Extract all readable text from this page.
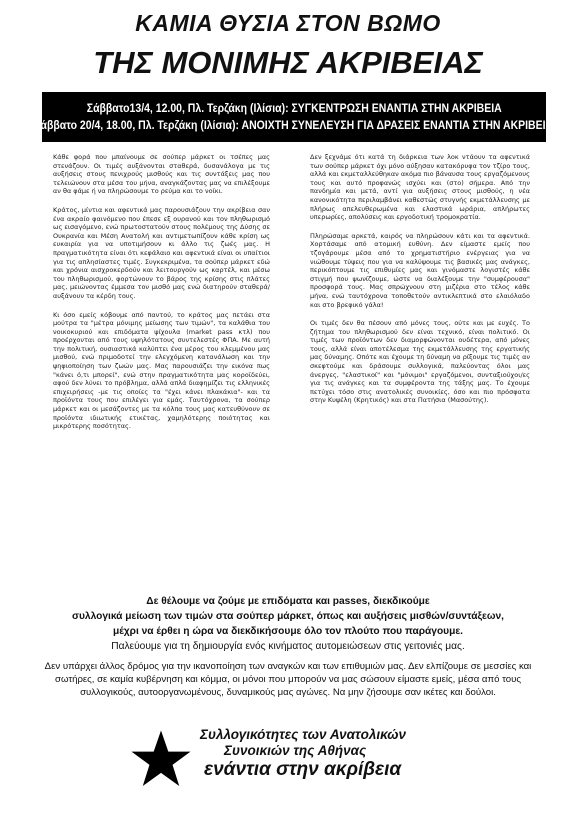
ΚΑΜΙΑ ΘΥΣΙΑ ΣΤΟΝ ΒΩΜΟ
ΤΗΣ ΜΟΝΙΜΗΣ ΑΚΡΙΒΕΙΑΣ
Σάββατο13/4, 12.00, Πλ. Τερζάκη (Ιλίσια): ΣΥΓΚΕΝΤΡΩΣΗ ΕΝΑΝΤΙΑ ΣΤΗΝ ΑΚΡΙΒΕΙΑ
Σάββατο 20/4, 18.00, Πλ. Τερζάκη (Ιλίσια): ΑΝΟΙΧΤΗ ΣΥΝΕΛΕΥΣΗ ΓΙΑ ΔΡΑΣΕΙΣ ΕΝΑΝΤΙΑ ΣΤΗΝ ΑΚΡΙΒΕΙΑ

Κάθε φορά που μπαίνουμε σε σούπερ μάρκετ οι τσέπες μας στενάζουν. Οι τιμές αυξάνονται σταθερά, δυσανάλογα με τις αυξήσεις στους πενιχρούς μισθούς και τις συντάξεις μας που τελειώνουν στα μέσα του μήνα, αναγκάζοντας μας να επιλέξουμε αν θα φάμε ή να πληρώσουμε το ρεύμα και το νοίκι.

Κράτος, μίντια και αφεντικά μας παρουσιάζουν την ακρίβεια σαν ένα ακραίο φαινόμενο που έπεσε εξ ουρανού και τον πληθωρισμό ως εισαγόμενο, ενώ πρωτοστατούν στους πολέμους της Δύσης σε Ουκρανία και Μέση Ανατολή και αντιμετωπίζουν κάθε κρίση ως ευκαιρία για να υποτιμήσουν κι άλλο τις ζωές μας. Η πραγματικότητα είναι ότι κεφάλαιο και αφεντικά είναι οι υπαίτιοι για τις απλησίαστες τιμές. Συγκεκριμένα, τα σούπερ μάρκετ εδώ και χρόνια αισχροκερδούν και λειτουργούν ως καρτέλ, και μέσω του πληθωρισμού, φορτώνουν το βάρος της κρίσης στις πλάτες μας, μειώνοντας έμμεσα τον μισθό μας ενώ διατηρούν σταθερά/αυξάνουν τα κέρδη τους.

Κι όσο εμείς κόβουμε από παντού, το κράτος μας πετάει στα μούτρα τα "μέτρα μόνιμης μείωσης των τιμών", τα καλάθια του νοικοκυριού και επιδόματα ψίχουλα (market pass κτλ) που προέρχονται από τους υψηλότατους συντελεστές ΦΠΑ. Με αυτή την πολιτική, ουσιαστικά καλύπτει ένα μέρος του κλεμμένου μας μισθού, ενώ πριμοδοτεί την ελεγχόμενη κατανάλωση και την ψηφιοποίηση των ζωών μας. Μας παρουσιάζει την εικόνα πως "κάνει ό,τι μπορεί", ενώ στην πραγματικότητα μας κοροϊδεύει, αφού δεν λύνει το πρόβλημα, αλλά απλά διαφημίζει τις ελληνικές επιχειρήσεις -με τις οποίες τα "έχει κάνει πλακάκια"- και τα προϊόντα τους που επιλέγει για εμάς. Ταυτόχρονα, τα σούπερ μάρκετ και οι μεσάζοντες με τα κόλπα τους μας κατευθύνουν σε προϊόντα ιδιωτικής ετικέτας, χαμηλότερης ποιότητας και μικρότερης ποσότητας.

Δεν ξεχνάμε ότι κατά τη διάρκεια των λοκ ντάουν τα αφεντικά των σούπερ μάρκετ όχι μόνο αύξησαν κατακόρυφα τον τζίρο τους, αλλά και εκμεταλλεύθηκαν ακόμα πιο βάναυσα τους εργαζόμενους τους και αυτό προφανώς ισχύει και (στο) σήμερα. Από την πανδημία και μετά, αντί για αυξήσεις στους μισθούς, η νέα κανονικότητα περιλαμβάνει καθεστώς στυγνής εκμετάλλευσης με πλήρως απελευθερωμένα και ελαστικά ωράρια, απλήρωτες υπερωρίες, απολύσεις και εργοδοτική τρομοκρατία.

Πληρώσαμε αρκετά, καιρός να πληρώσουν κάτι και τα αφεντικά. Χορτάσαμε από ατομική ευθύνη. Δεν είμαστε εμείς που τζογάρουμε μέσα από το χρηματιστήριο ενέργειας για να νιώθουμε τύψεις που για να καλύψουμε τις βασικές μας ανάγκες, περικόπτουμε τις επιθυμίες μας και γινόμαστε λογιστές κάθε στιγμή που ψωνίζουμε, ώστε να διαλέξουμε την "συμφέρουσα" προσφορά τους. Μας σπρώχνουν στη μιζέρια στο τέλος κάθε μήνα, ενώ ταυτόχρονα τοποθετούν αντικλεπτικά στο ελαιόλαδο και στο βρεφικό γάλα!

Οι τιμές δεν θα πέσουν από μόνες τους, ούτε και με ευχές. Το ζήτημα του πληθωρισμού δεν είναι τεχνικό, είναι πολιτικό. Οι τιμές των προϊόντων δεν διαμορφώνονται ουδέτερα, από μόνες τους, αλλά είναι αποτέλεσμα της εκμετάλλευσης της εργατικής μας δύναμης. Οπότε και έχουμε τη δύναμη να ρίξουμε τις τιμές αν σκεφτούμε και δράσουμε συλλογικά, παλεύοντας όλοι μας άνεργες, "ελαστικοί" και "μόνιμοι" εργαζόμενοι, συνταξιούχοι/ες για τις ανάγκες και τα συμφέροντα της τάξης μας. Το έχουμε πετύχει τόσο στις ανατολικές συνοικίες, όσο και πιο πρόσφατα στην Κυψέλη (Κρητικός) και στα Πατήσια (Μασούτης).

Δε θέλουμε να ζούμε με επιδόματα και passes, διεκδικούμε
συλλογικά μείωση των τιμών στα σούπερ μάρκετ, όπως και αυξήσεις μισθών/συντάξεων,
μέχρι να έρθει η ώρα να διεκδικήσουμε όλο τον πλούτο που παράγουμε.
Παλεύουμε για τη δημιουργία ενός κινήματος αυτομειώσεων στις γειτονιές μας.
Δεν υπάρχει άλλος δρόμος για την ικανοποίηση των αναγκών και των επιθυμιών μας. Δεν ελπίζουμε σε μεσσίες και σωτήρες, σε καμία κυβέρνηση και κόμμα, οι μόνοι που μπορούν να μας σώσουν είμαστε εμείς, μέσα από τους συλλογικούς, αυτοοργανωμένους, δυναμικούς μας αγώνες. Να μην ζήσουμε σαν ικέτες και δούλοι.
Συλλογικότητες των Ανατολικών
Συνοικιών της Αθήνας
ενάντια στην ακρίβεια
